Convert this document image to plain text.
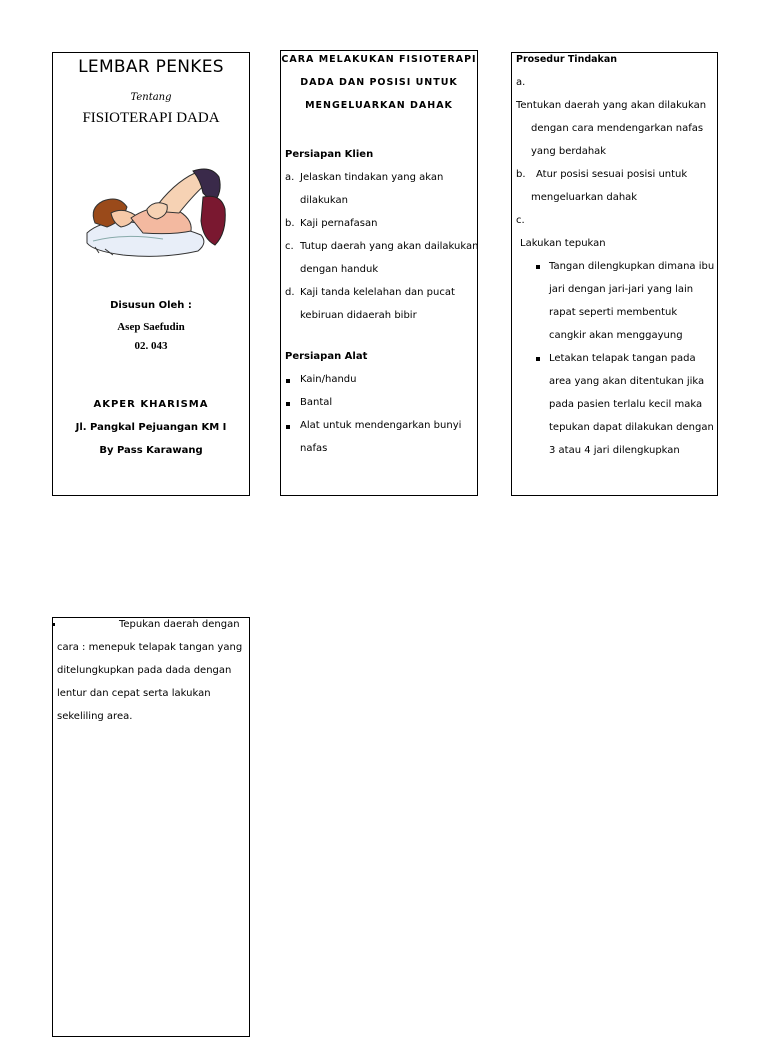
LEMBAR PENKES
Tentang
FISIOTERAPI DADA
Disusun Oleh :
Asep Saefudin
02. 043
AKPER KHARISMA
Jl. Pangkal Pejuangan KM I
By Pass Karawang
CARA MELAKUKAN FISIOTERAPI
DADA DAN POSISI UNTUK
MENGELUARKAN DAHAK
Persiapan Klien
a. Jelaskan tindakan yang akan
dilakukan
b. Kaji pernafasan
c. Tutup daerah yang akan dailakukan
dengan handuk
d. Kaji tanda kelelahan dan pucat
kebiruan didaerah bibir
Persiapan Alat
Kain/handu
Bantal
Alat untuk mendengarkan bunyi
nafas
Prosedur Tindakan
a.
Tentukan daerah yang akan dilakukan
dengan cara mendengarkan nafas
yang berdahak
b. Atur posisi sesuai posisi untuk
mengeluarkan dahak
c.
Lakukan tepukan
Tangan dilengkupkan dimana ibu
jari dengan jari-jari yang lain
rapat seperti membentuk
cangkir akan menggayung
Letakan telapak tangan pada
area yang akan ditentukan jika
pada pasien terlalu kecil maka
tepukan dapat dilakukan dengan
3 atau 4 jari dilengkupkan
Tepukan daerah dengan
cara : menepuk telapak tangan yang
ditelungkupkan pada dada dengan
lentur dan cepat serta lakukan
sekeliling area.
